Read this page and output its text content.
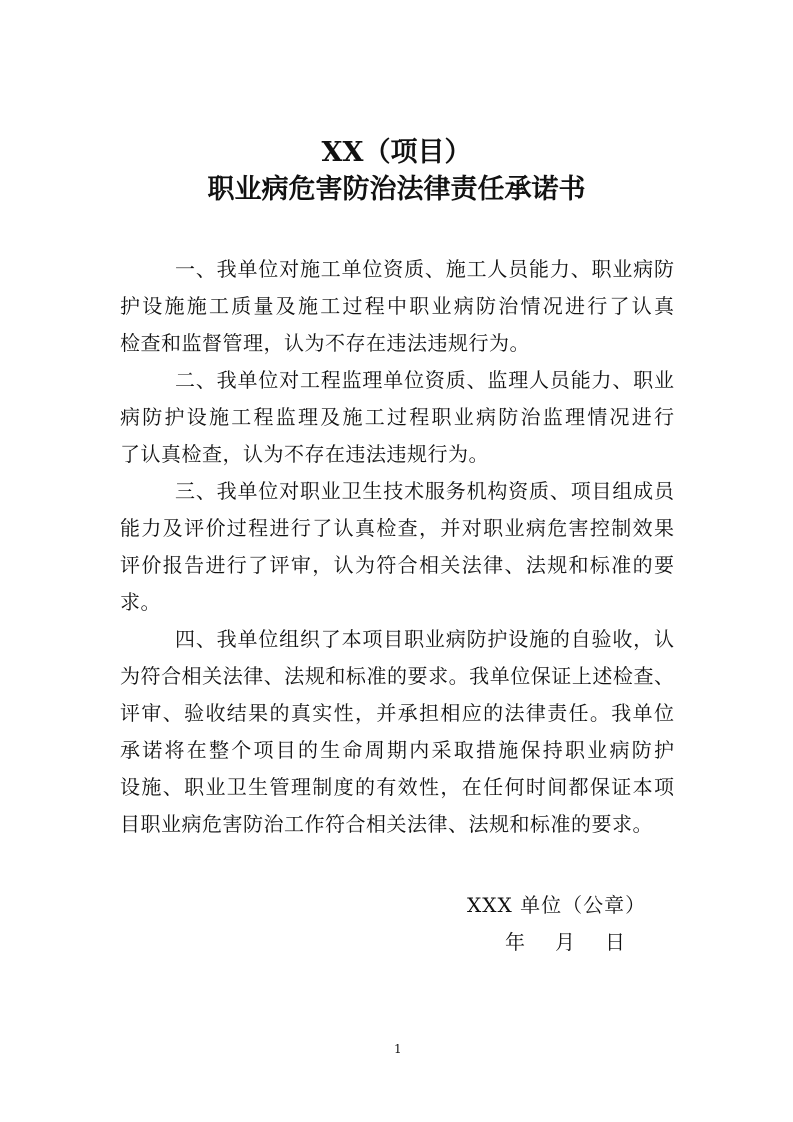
XX（项目）
职业病危害防治法律责任承诺书
一、我单位对施工单位资质、施工人员能力、职业病防
护设施施工质量及施工过程中职业病防治情况进行了认真
检查和监督管理，认为不存在违法违规行为。
二、我单位对工程监理单位资质、监理人员能力、职业
病防护设施工程监理及施工过程职业病防治监理情况进行
了认真检查，认为不存在违法违规行为。
三、我单位对职业卫生技术服务机构资质、项目组成员
能力及评价过程进行了认真检查，并对职业病危害控制效果
评价报告进行了评审，认为符合相关法律、法规和标准的要
求。
四、我单位组织了本项目职业病防护设施的自验收，认
为符合相关法律、法规和标准的要求。我单位保证上述检查、
评审、验收结果的真实性，并承担相应的法律责任。我单位
承诺将在整个项目的生命周期内采取措施保持职业病防护
设施、职业卫生管理制度的有效性，在任何时间都保证本项
目职业病危害防治工作符合相关法律、法规和标准的要求。
XXX 单位（公章）
年 月 日
1
